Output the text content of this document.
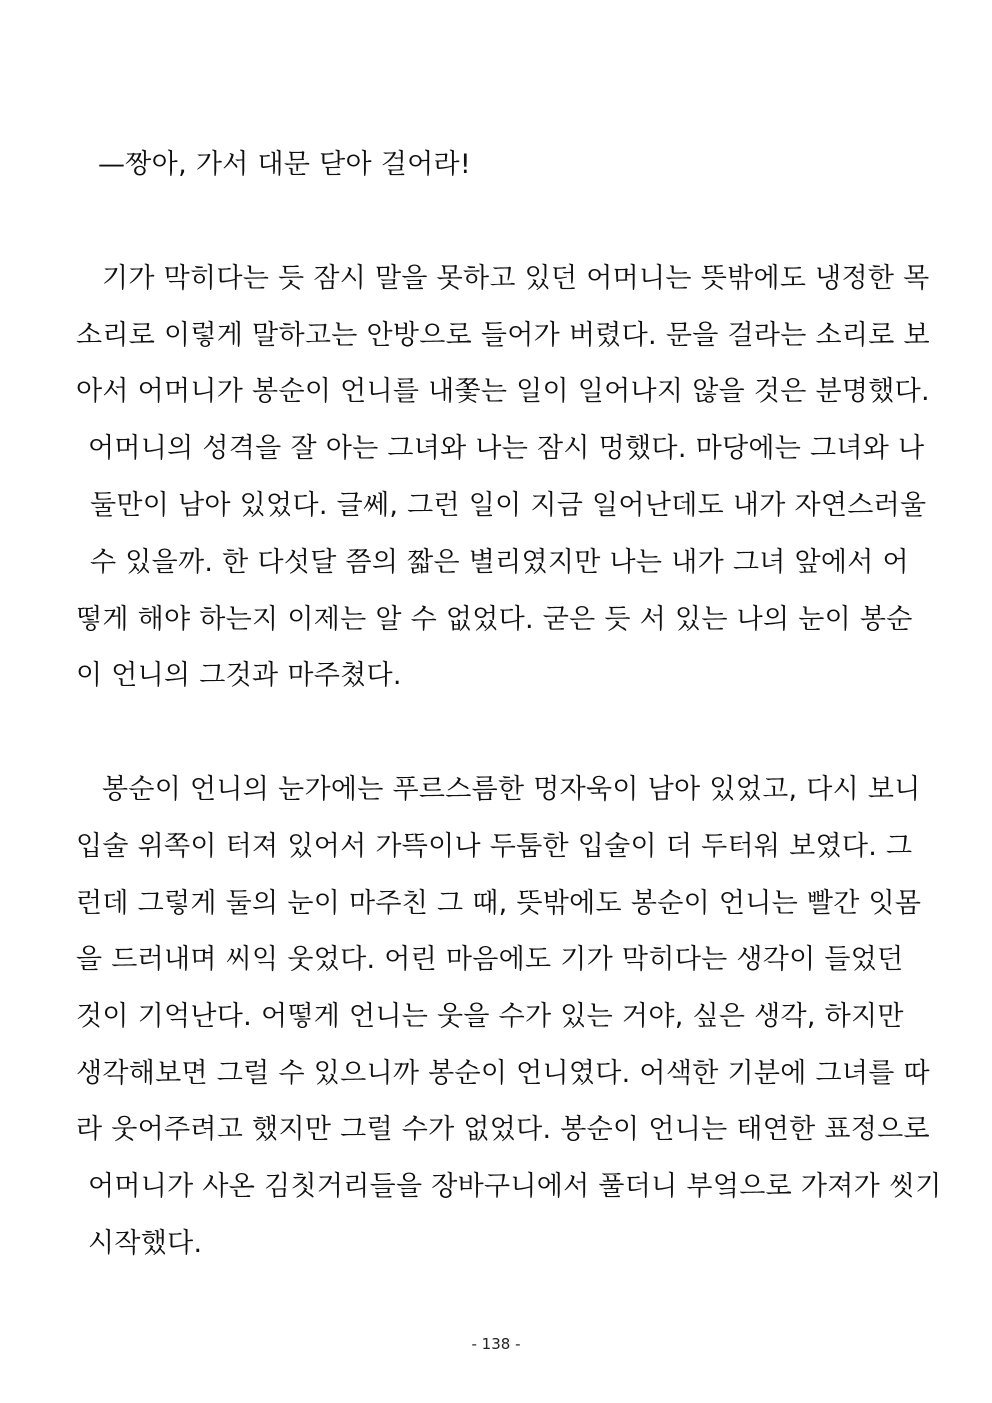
—짱아, 가서 대문 닫아 걸어라!
기가 막히다는 듯 잠시 말을 못하고 있던 어머니는 뜻밖에도 냉정한 목
소리로 이렇게 말하고는 안방으로 들어가 버렸다. 문을 걸라는 소리로 보
아서 어머니가 봉순이 언니를 내쫓는 일이 일어나지 않을 것은 분명했다.
어머니의 성격을 잘 아는 그녀와 나는 잠시 멍했다. 마당에는 그녀와 나
둘만이 남아 있었다. 글쎄, 그런 일이 지금 일어난데도 내가 자연스러울
수 있을까. 한 다섯달 쯤의 짧은 별리였지만 나는 내가 그녀 앞에서 어
떻게 해야 하는지 이제는 알 수 없었다. 굳은 듯 서 있는 나의 눈이 봉순
이 언니의 그것과 마주쳤다.
봉순이 언니의 눈가에는 푸르스름한 멍자욱이 남아 있었고, 다시 보니
입술 위쪽이 터져 있어서 가뜩이나 두툼한 입술이 더 두터워 보였다. 그
런데 그렇게 둘의 눈이 마주친 그 때, 뜻밖에도 봉순이 언니는 빨간 잇몸
을 드러내며 씨익 웃었다. 어린 마음에도 기가 막히다는 생각이 들었던
것이 기억난다. 어떻게 언니는 웃을 수가 있는 거야, 싶은 생각, 하지만
생각해보면 그럴 수 있으니까 봉순이 언니였다. 어색한 기분에 그녀를 따
라 웃어주려고 했지만 그럴 수가 없었다. 봉순이 언니는 태연한 표정으로
어머니가 사온 김칫거리들을 장바구니에서 풀더니 부엌으로 가져가 씻기
시작했다.
- 138 -
